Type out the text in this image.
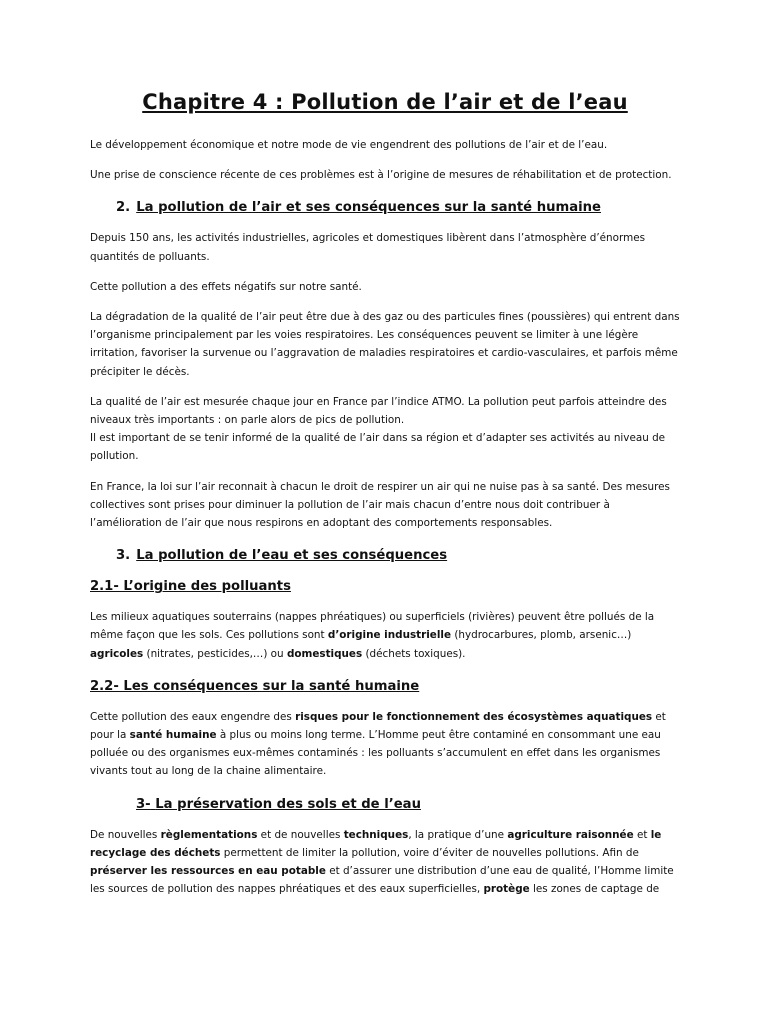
Chapitre 4 : Pollution de l’air et de l’eau

Le développement économique et notre mode de vie engendrent des pollutions de l’air et de l’eau.

Une prise de conscience récente de ces problèmes est à l’origine de mesures de réhabilitation et de protection.

2. La pollution de l’air et ses conséquences sur la santé humaine

Depuis 150 ans, les activités industrielles, agricoles et domestiques libèrent dans l’atmosphère d’énormes quantités de polluants.

Cette pollution a des effets négatifs sur notre santé.

La dégradation de la qualité de l’air peut être due à des gaz ou des particules fines (poussières) qui entrent dans l’organisme principalement par les voies respiratoires. Les conséquences peuvent se limiter à une légère irritation, favoriser la survenue ou l’aggravation de maladies respiratoires et cardio-vasculaires, et parfois même précipiter le décès.

La qualité de l’air est mesurée chaque jour en France par l’indice ATMO. La pollution peut parfois atteindre des niveaux très importants : on parle alors de pics de pollution.

Il est important de se tenir informé de la qualité de l’air dans sa région et d’adapter ses activités au niveau de pollution.

En France, la loi sur l’air reconnait à chacun le droit de respirer un air qui ne nuise pas à sa santé. Des mesures collectives sont prises pour diminuer la pollution de l’air mais chacun d’entre nous doit contribuer à l’amélioration de l’air que nous respirons en adoptant des comportements responsables.

3. La pollution de l’eau et ses conséquences
2.1- L’origine des polluants

Les milieux aquatiques souterrains (nappes phréatiques) ou superficiels (rivières) peuvent être pollués de la même façon que les sols. Ces pollutions sont d’origine industrielle (hydrocarbures, plomb, arsenic…) agricoles (nitrates, pesticides,…) ou domestiques (déchets toxiques).

2.2- Les conséquences sur la santé humaine

Cette pollution des eaux engendre des risques pour le fonctionnement des écosystèmes aquatiques et pour la santé humaine à plus ou moins long terme. L’Homme peut être contaminé en consommant une eau polluée ou des organismes eux-mêmes contaminés : les polluants s’accumulent en effet dans les organismes vivants tout au long de la chaine alimentaire.

3- La préservation des sols et de l’eau

De nouvelles règlementations et de nouvelles techniques, la pratique d’une agriculture raisonnée et le recyclage des déchets permettent de limiter la pollution, voire d’éviter de nouvelles pollutions. Afin de préserver les ressources en eau potable et d’assurer une distribution d’une eau de qualité, l’Homme limite les sources de pollution des nappes phréatiques et des eaux superficielles, protège les zones de captage de
